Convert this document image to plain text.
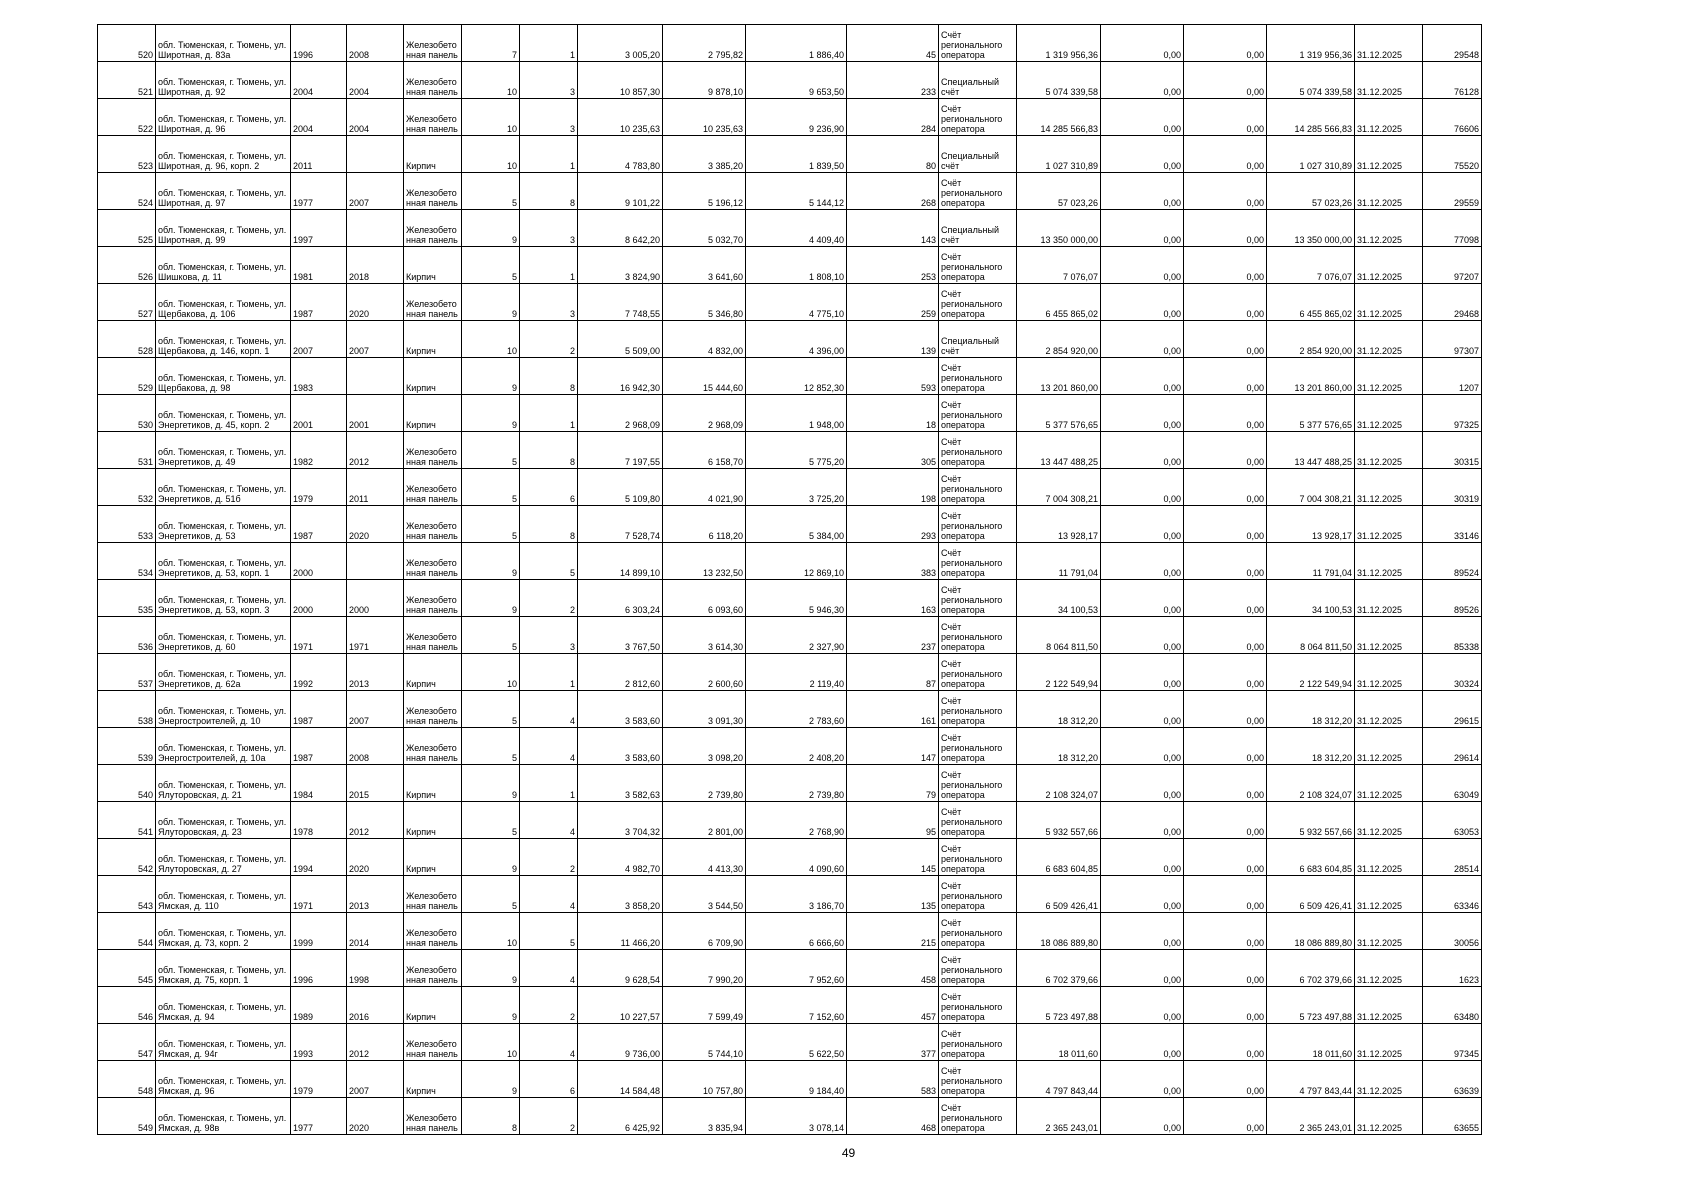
520	обл. Тюменская, г. Тюмень, ул. Широтная, д. 83а	1996	2008	Железобетонная панель	7	1	3 005,20	2 795,82	1 886,40	45	Счёт регионального оператора	1 319 956,36	0,00	0,00	1 319 956,36	31.12.2025	29548
521	обл. Тюменская, г. Тюмень, ул. Широтная, д. 92	2004	2004	Железобетонная панель	10	3	10 857,30	9 878,10	9 653,50	233	Специальный счёт	5 074 339,58	0,00	0,00	5 074 339,58	31.12.2025	76128
522	обл. Тюменская, г. Тюмень, ул. Широтная, д. 96	2004	2004	Железобетонная панель	10	3	10 235,63	10 235,63	9 236,90	284	Счёт регионального оператора	14 285 566,83	0,00	0,00	14 285 566,83	31.12.2025	76606
523	обл. Тюменская, г. Тюмень, ул. Широтная, д. 96, корп. 2	2011		Кирпич	10	1	4 783,80	3 385,20	1 839,50	80	Специальный счёт	1 027 310,89	0,00	0,00	1 027 310,89	31.12.2025	75520
524	обл. Тюменская, г. Тюмень, ул. Широтная, д. 97	1977	2007	Железобетонная панель	5	8	9 101,22	5 196,12	5 144,12	268	Счёт регионального оператора	57 023,26	0,00	0,00	57 023,26	31.12.2025	29559
525	обл. Тюменская, г. Тюмень, ул. Широтная, д. 99	1997		Железобетонная панель	9	3	8 642,20	5 032,70	4 409,40	143	Специальный счёт	13 350 000,00	0,00	0,00	13 350 000,00	31.12.2025	77098
526	обл. Тюменская, г. Тюмень, ул. Шишкова, д. 11	1981	2018	Кирпич	5	1	3 824,90	3 641,60	1 808,10	253	Счёт регионального оператора	7 076,07	0,00	0,00	7 076,07	31.12.2025	97207
527	обл. Тюменская, г. Тюмень, ул. Щербакова, д. 106	1987	2020	Железобетонная панель	9	3	7 748,55	5 346,80	4 775,10	259	Счёт регионального оператора	6 455 865,02	0,00	0,00	6 455 865,02	31.12.2025	29468
528	обл. Тюменская, г. Тюмень, ул. Щербакова, д. 146, корп. 1	2007	2007	Кирпич	10	2	5 509,00	4 832,00	4 396,00	139	Специальный счёт	2 854 920,00	0,00	0,00	2 854 920,00	31.12.2025	97307
529	обл. Тюменская, г. Тюмень, ул. Щербакова, д. 98	1983		Кирпич	9	8	16 942,30	15 444,60	12 852,30	593	Счёт регионального оператора	13 201 860,00	0,00	0,00	13 201 860,00	31.12.2025	1207
530	обл. Тюменская, г. Тюмень, ул. Энергетиков, д. 45, корп. 2	2001	2001	Кирпич	9	1	2 968,09	2 968,09	1 948,00	18	Счёт регионального оператора	5 377 576,65	0,00	0,00	5 377 576,65	31.12.2025	97325
531	обл. Тюменская, г. Тюмень, ул. Энергетиков, д. 49	1982	2012	Железобетонная панель	5	8	7 197,55	6 158,70	5 775,20	305	Счёт регионального оператора	13 447 488,25	0,00	0,00	13 447 488,25	31.12.2025	30315
532	обл. Тюменская, г. Тюмень, ул. Энергетиков, д. 51б	1979	2011	Железобетонная панель	5	6	5 109,80	4 021,90	3 725,20	198	Счёт регионального оператора	7 004 308,21	0,00	0,00	7 004 308,21	31.12.2025	30319
533	обл. Тюменская, г. Тюмень, ул. Энергетиков, д. 53	1987	2020	Железобетонная панель	5	8	7 528,74	6 118,20	5 384,00	293	Счёт регионального оператора	13 928,17	0,00	0,00	13 928,17	31.12.2025	33146
534	обл. Тюменская, г. Тюмень, ул. Энергетиков, д. 53, корп. 1	2000		Железобетонная панель	9	5	14 899,10	13 232,50	12 869,10	383	Счёт регионального оператора	11 791,04	0,00	0,00	11 791,04	31.12.2025	89524
535	обл. Тюменская, г. Тюмень, ул. Энергетиков, д. 53, корп. 3	2000	2000	Железобетонная панель	9	2	6 303,24	6 093,60	5 946,30	163	Счёт регионального оператора	34 100,53	0,00	0,00	34 100,53	31.12.2025	89526
536	обл. Тюменская, г. Тюмень, ул. Энергетиков, д. 60	1971	1971	Железобетонная панель	5	3	3 767,50	3 614,30	2 327,90	237	Счёт регионального оператора	8 064 811,50	0,00	0,00	8 064 811,50	31.12.2025	85338
537	обл. Тюменская, г. Тюмень, ул. Энергетиков, д. 62а	1992	2013	Кирпич	10	1	2 812,60	2 600,60	2 119,40	87	Счёт регионального оператора	2 122 549,94	0,00	0,00	2 122 549,94	31.12.2025	30324
538	обл. Тюменская, г. Тюмень, ул. Энергостроителей, д. 10	1987	2007	Железобетонная панель	5	4	3 583,60	3 091,30	2 783,60	161	Счёт регионального оператора	18 312,20	0,00	0,00	18 312,20	31.12.2025	29615
539	обл. Тюменская, г. Тюмень, ул. Энергостроителей, д. 10а	1987	2008	Железобетонная панель	5	4	3 583,60	3 098,20	2 408,20	147	Счёт регионального оператора	18 312,20	0,00	0,00	18 312,20	31.12.2025	29614
540	обл. Тюменская, г. Тюмень, ул. Ялуторовская, д. 21	1984	2015	Кирпич	9	1	3 582,63	2 739,80	2 739,80	79	Счёт регионального оператора	2 108 324,07	0,00	0,00	2 108 324,07	31.12.2025	63049
541	обл. Тюменская, г. Тюмень, ул. Ялуторовская, д. 23	1978	2012	Кирпич	5	4	3 704,32	2 801,00	2 768,90	95	Счёт регионального оператора	5 932 557,66	0,00	0,00	5 932 557,66	31.12.2025	63053
542	обл. Тюменская, г. Тюмень, ул. Ялуторовская, д. 27	1994	2020	Кирпич	9	2	4 982,70	4 413,30	4 090,60	145	Счёт регионального оператора	6 683 604,85	0,00	0,00	6 683 604,85	31.12.2025	28514
543	обл. Тюменская, г. Тюмень, ул. Ямская, д. 110	1971	2013	Железобетонная панель	5	4	3 858,20	3 544,50	3 186,70	135	Счёт регионального оператора	6 509 426,41	0,00	0,00	6 509 426,41	31.12.2025	63346
544	обл. Тюменская, г. Тюмень, ул. Ямская, д. 73, корп. 2	1999	2014	Железобетонная панель	10	5	11 466,20	6 709,90	6 666,60	215	Счёт регионального оператора	18 086 889,80	0,00	0,00	18 086 889,80	31.12.2025	30056
545	обл. Тюменская, г. Тюмень, ул. Ямская, д. 75, корп. 1	1996	1998	Железобетонная панель	9	4	9 628,54	7 990,20	7 952,60	458	Счёт регионального оператора	6 702 379,66	0,00	0,00	6 702 379,66	31.12.2025	1623
546	обл. Тюменская, г. Тюмень, ул. Ямская, д. 94	1989	2016	Кирпич	9	2	10 227,57	7 599,49	7 152,60	457	Счёт регионального оператора	5 723 497,88	0,00	0,00	5 723 497,88	31.12.2025	63480
547	обл. Тюменская, г. Тюмень, ул. Ямская, д. 94г	1993	2012	Железобетонная панель	10	4	9 736,00	5 744,10	5 622,50	377	Счёт регионального оператора	18 011,60	0,00	0,00	18 011,60	31.12.2025	97345
548	обл. Тюменская, г. Тюмень, ул. Ямская, д. 96	1979	2007	Кирпич	9	6	14 584,48	10 757,80	9 184,40	583	Счёт регионального оператора	4 797 843,44	0,00	0,00	4 797 843,44	31.12.2025	63639
549	обл. Тюменская, г. Тюмень, ул. Ямская, д. 98в	1977	2020	Железобетонная панель	8	2	6 425,92	3 835,94	3 078,14	468	Счёт регионального оператора	2 365 243,01	0,00	0,00	2 365 243,01	31.12.2025	63655
49
